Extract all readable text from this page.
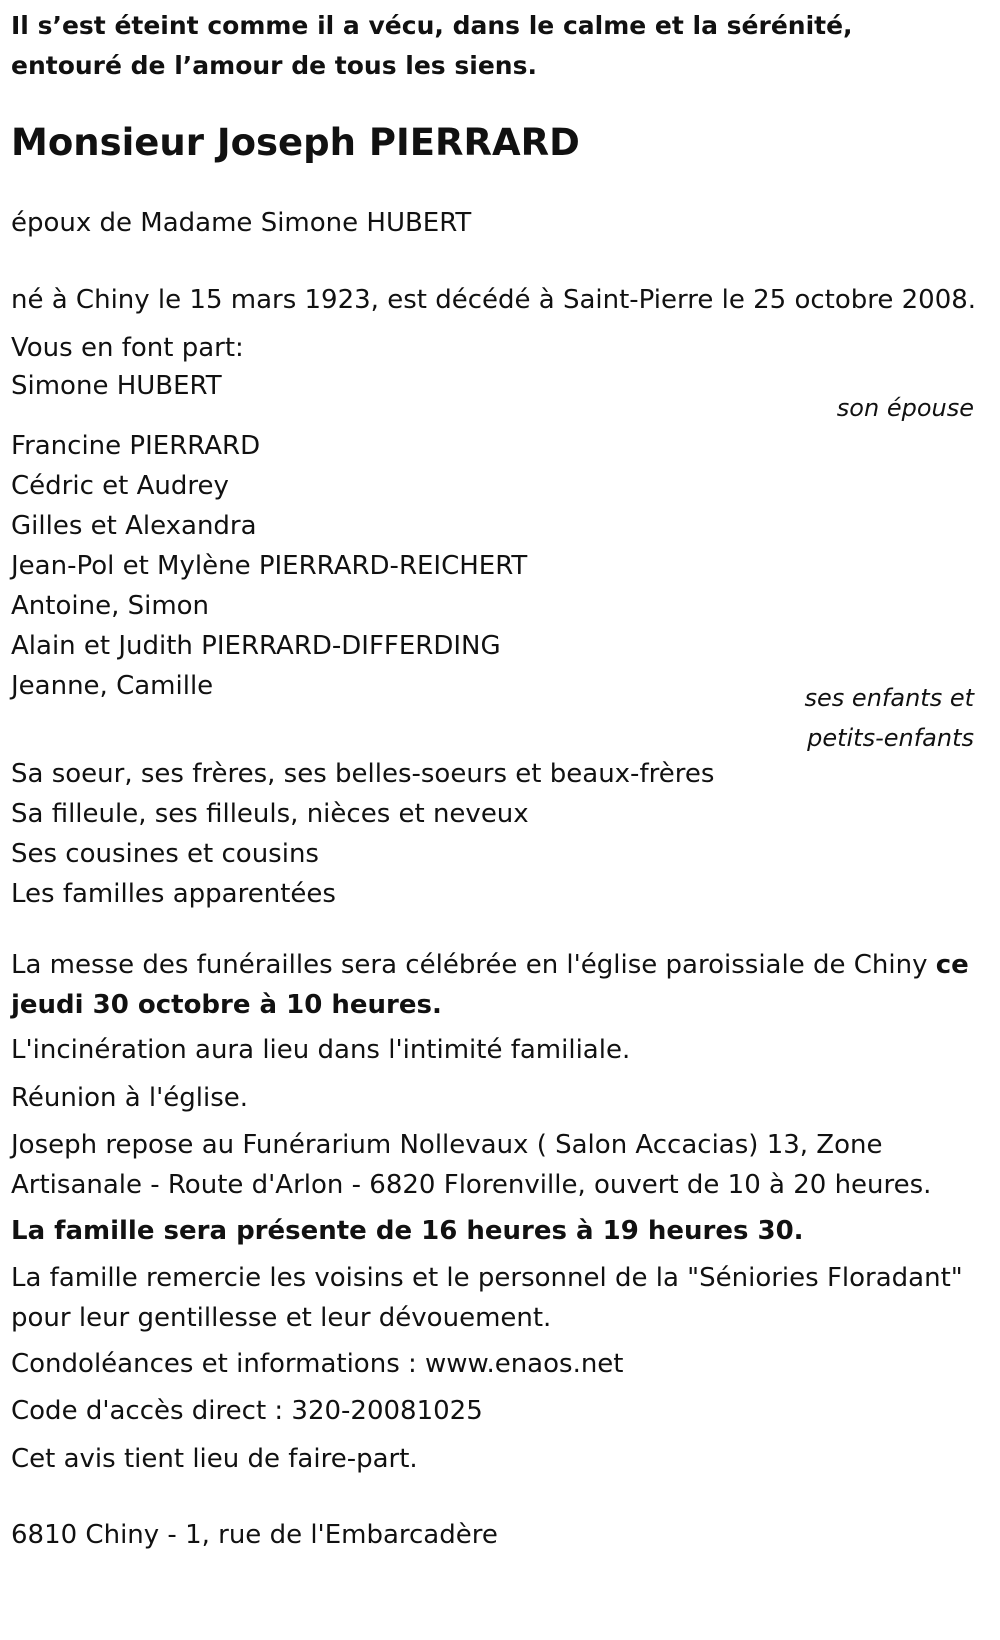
Il s’est éteint comme il a vécu, dans le calme et la sérénité, entouré de l’amour de tous les siens.

Monsieur Joseph PIERRARD

époux de Madame Simone HUBERT

né à Chiny le 15 mars 1923, est décédé à Saint-Pierre le 25 octobre 2008.

Vous en font part:

Simone HUBERT

son épouse

Francine PIERRARD
Cédric et Audrey
Gilles et Alexandra
Jean-Pol et Mylène PIERRARD-REICHERT
Antoine, Simon
Alain et Judith PIERRARD-DIFFERDING
Jeanne, Camille	ses enfants et
petits-enfants
Sa soeur, ses frères, ses belles-soeurs et beaux-frères
Sa filleule, ses filleuls, nièces et neveux
Ses cousines et cousins
Les familles apparentées

La messe des funérailles sera célébrée en l'église paroissiale de Chiny ce jeudi 30 octobre à 10 heures.

L'incinération aura lieu dans l'intimité familiale.

Réunion à l'église.

Joseph repose au Funérarium Nollevaux ( Salon Accacias) 13, Zone Artisanale - Route d'Arlon - 6820 Florenville, ouvert de 10 à 20 heures.

La famille sera présente de 16 heures à 19 heures 30.

La famille remercie les voisins et le personnel de la "Séniories Floradant" pour leur gentillesse et leur dévouement.

Condoléances et informations : www.enaos.net

Code d'accès direct : 320-20081025

Cet avis tient lieu de faire-part.

6810 Chiny - 1, rue de l'Embarcadère
